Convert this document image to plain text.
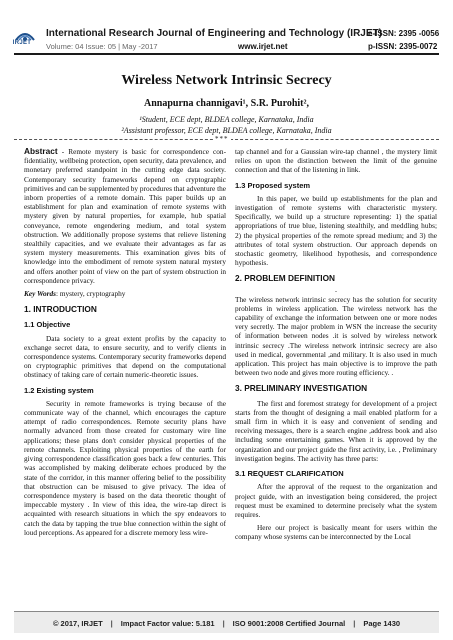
IRJET
International Research Journal of Engineering and Technology (IRJET)
e-ISSN: 2395 -0056
Volume: 04 Issue: 05 | May -2017	www.irjet.net	p-ISSN: 2395-0072
Wireless Network Intrinsic Secrecy
Annapurna channigavi¹, S.R. Purohit²,
¹Student, ECE dept, BLDEA college, Karnataka, India
²Assistant professor, ECE dept, BLDEA college, Karnataka, India
***

Abstract - Remote mystery is basic for correspondence con-fidentiality, wellbeing protection, open security, data prevalence, and monetary preferred standpoint in the cutting edge data society. Contemporary security frameworks depend on cryptographic primitives and can be supplemented by procedures that adventure the inborn properties of a remote domain. This paper builds up an establishment for plan and examination of remote systems with mystery given by natural properties, for example, hub spatial conveyance, remote engendering medium, and total system obstruction. We additionally propose systems that relieve listening stealthily capacities, and we evaluate their advantages as far as system mystery measurements. This examination gives bits of knowledge into the embodiment of remote system natural mystery and offers another point of view on the part of system obstruction in correspondence privacy.

Key Words: mystery, cryptography

1. INTRODUCTION
1.1 Objective

Data society to a great extent profits by the capacity to exchange secret data, to ensure security, and to verify clients in correspondence systems. Contemporary security frameworks depend on cryptographic primitives that depend on the computational obstinacy of taking care of certain numeric-theoretic issues.

1.2 Existing system

Security in remote frameworks is trying because of the communicate way of the channel, which encourages the capture attempt of radio correspondences. Remote security plans have normally advanced from those created for customary wire line applications; these plans don't consider physical properties of the remote channels. Exploiting physical properties of the earth for giving correspondence classification goes back a few centuries. This was accomplished by making deliberate echoes produced by the state of the corridor, in this manner offering belief to the possibility that obstruction can be misused to give privacy. The idea of correspondence mystery is based on the data theoretic thought of impeccable mystery . In view of this idea, the wire-tap direct is acquainted with research situations in which the spy endeavors to catch the data by tapping the true blue connection within the sight of loud perceptions. As appeared for a discrete memory less wire-

tap channel and for a Gaussian wire-tap channel , the mystery limit relies on upon the distinction between the limit of the genuine connection and that of the listening in link.

1.3 Proposed system

In this paper, we build up establishments for the plan and investigation of remote systems with characteristic mystery. Specifically, we build up a structure representing: 1) the spatial appropriations of true blue, listening stealthily, and meddling hubs; 2) the physical properties of the remote spread medium; and 3) the attributes of total system obstruction. Our approach depends on stochastic geometry, likelihood hypothesis, and correspondence hypothesis.

2. PROBLEM DEFINITION
-

The wireless network intrinsic secrecy has the solution for security problems in wireless application. The wireless network has the capability of exchange the information between one or more nodes very secretly. The major problem in WSN the increase the security of information between nodes .it is solved by wireless network intrinsic secrecy .The wireless network intrinsic secrecy are also used in medical, governmental ,and military. It is also used in much application. This project has main objective is to improve the path between two node and gives more routing efficiency. .

3. PRELIMINARY INVESTIGATION

The first and foremost strategy for development of a project starts from the thought of designing a mail enabled platform for a small firm in which it is easy and convenient of sending and receiving messages, there is a search engine ,address book and also including some entertaining games. When it is approved by the organization and our project guide the first activity, i.e. , Preliminary investigation begins. The activity has three parts:

3.1 REQUEST CLARIFICATION

After the approval of the request to the organization and project guide, with an investigation being considered, the project request must be examined to determine precisely what the system requires.

Here our project is basically meant for users within the company whose systems can be interconnected by the Local

© 2017, IRJET | Impact Factor value: 5.181 | ISO 9001:2008 Certified Journal | Page 1430
